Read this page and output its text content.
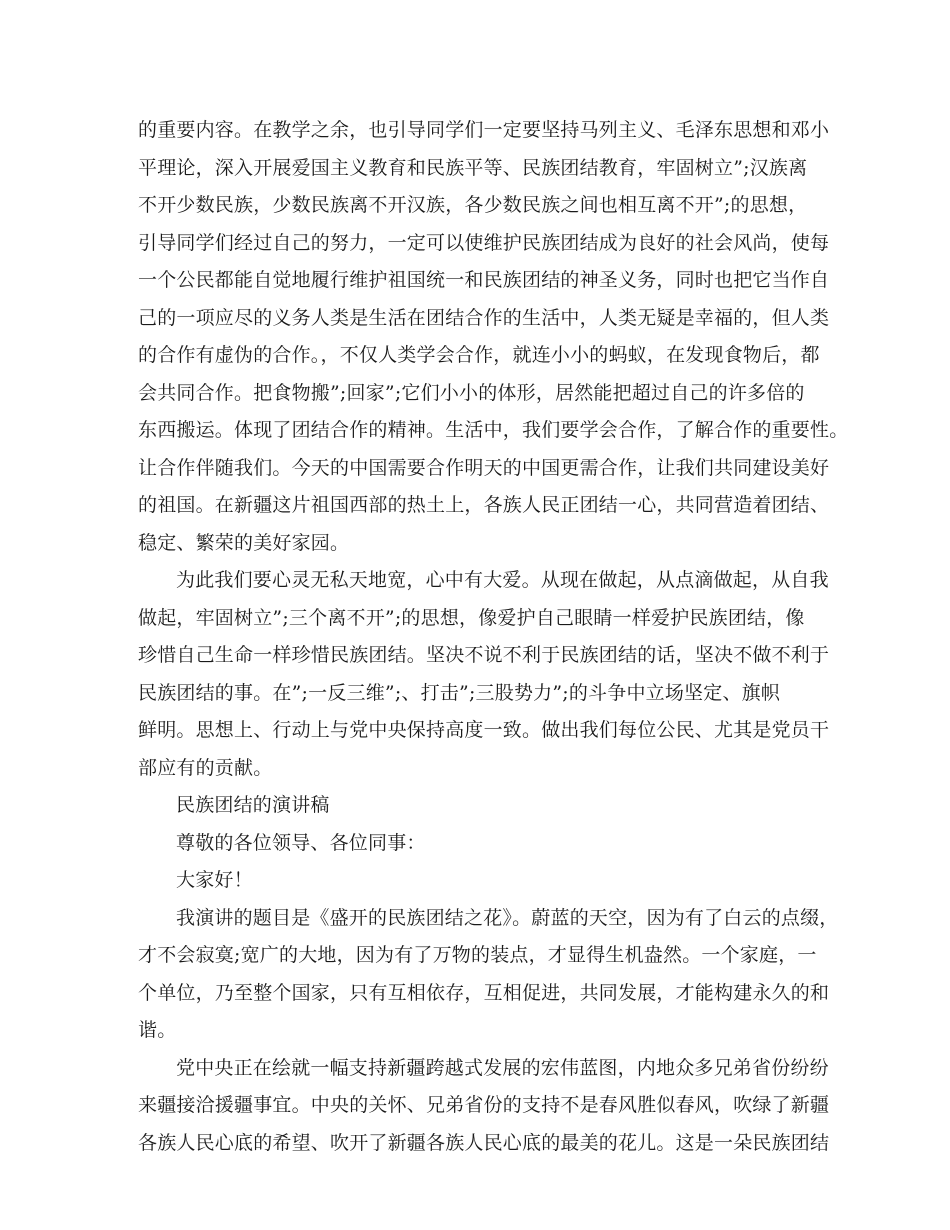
的重要内容。在教学之余，也引导同学们一定要坚持马列主义、毛泽东思想和邓小
平理论，深入开展爱国主义教育和民族平等、民族团结教育，牢固树立”;汉族离
不开少数民族，少数民族离不开汉族，各少数民族之间也相互离不开”;的思想，
引导同学们经过自己的努力，一定可以使维护民族团结成为良好的社会风尚，使每
一个公民都能自觉地履行维护祖国统一和民族团结的神圣义务，同时也把它当作自
己的一项应尽的义务人类是生活在团结合作的生活中，人类无疑是幸福的，但人类
的合作有虚伪的合作。，不仅人类学会合作，就连小小的蚂蚁，在发现食物后，都
会共同合作。把食物搬”;回家”;它们小小的体形，居然能把超过自己的许多倍的
东西搬运。体现了团结合作的精神。生活中，我们要学会合作，了解合作的重要性。
让合作伴随我们。今天的中国需要合作明天的中国更需合作，让我们共同建设美好
的祖国。在新疆这片祖国西部的热土上，各族人民正团结一心，共同营造着团结、
稳定、繁荣的美好家园。
为此我们要心灵无私天地宽，心中有大爱。从现在做起，从点滴做起，从自我
做起，牢固树立”;三个离不开”;的思想，像爱护自己眼睛一样爱护民族团结，像
珍惜自己生命一样珍惜民族团结。坚决不说不利于民族团结的话，坚决不做不利于
民族团结的事。在”;一反三维”;、打击”;三股势力”;的斗争中立场坚定、旗帜
鲜明。思想上、行动上与党中央保持高度一致。做出我们每位公民、尤其是党员干
部应有的贡献。
民族团结的演讲稿
尊敬的各位领导、各位同事：
大家好！
我演讲的题目是《盛开的民族团结之花》。蔚蓝的天空，因为有了白云的点缀，
才不会寂寞;宽广的大地，因为有了万物的装点，才显得生机盎然。一个家庭，一
个单位，乃至整个国家，只有互相依存，互相促进，共同发展，才能构建永久的和
谐。
党中央正在绘就一幅支持新疆跨越式发展的宏伟蓝图，内地众多兄弟省份纷纷
来疆接洽援疆事宜。中央的关怀、兄弟省份的支持不是春风胜似春风，吹绿了新疆
各族人民心底的希望、吹开了新疆各族人民心底的最美的花儿。这是一朵民族团结
